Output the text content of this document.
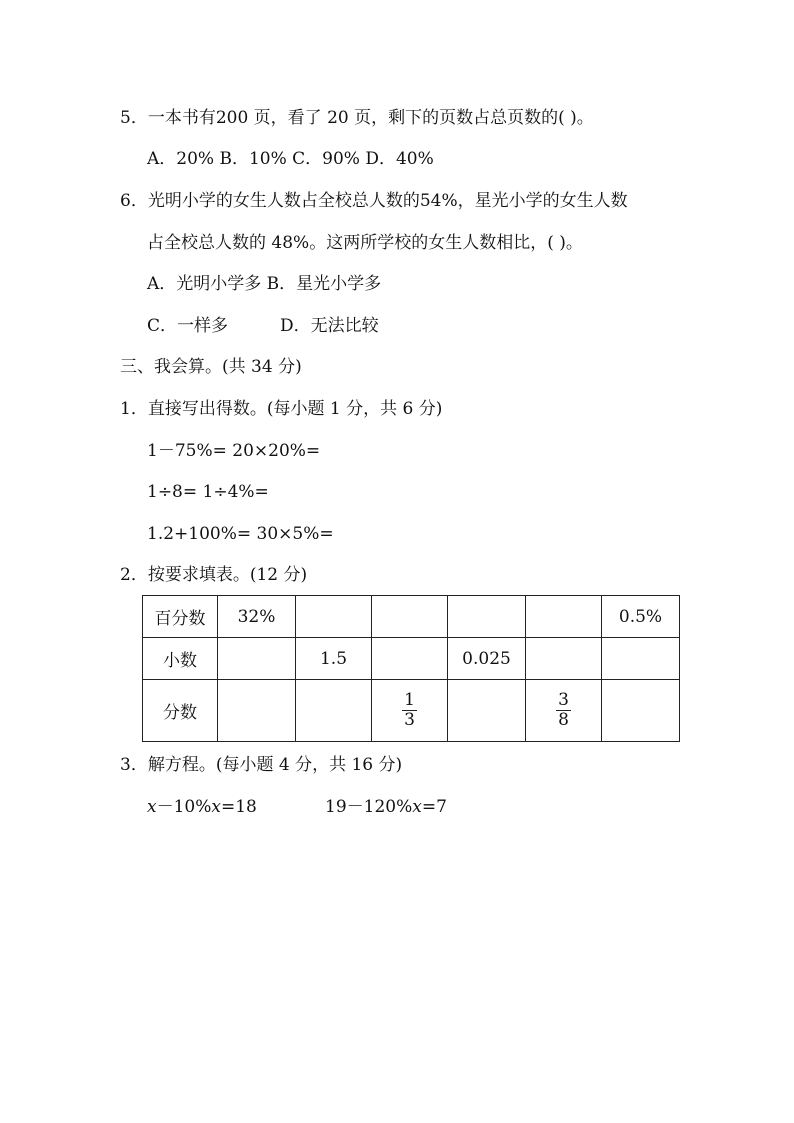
5．一本书有200 页，看了 20 页，剩下的页数占总页数的( )。
A．20% B．10% C．90% D．40%
6．光明小学的女生人数占全校总人数的54%，星光小学的女生人数
占全校总人数的 48%。这两所学校的女生人数相比，( )。
A．光明小学多 B．星光小学多
C．一样多	D．无法比较
三、我会算。(共 34 分)
1．直接写出得数。(每小题 1 分，共 6 分)
1－75%= 20×20%=
1÷8= 1÷4%=
1.2+100%= 30×5%=
2．按要求填表。(12 分)
百分数	32%					0.5%
小数		1.5		0.025		
分数			$\frac{1}{3}$		$\frac{3}{8}$

3．解方程。(每小题 4 分，共 16 分)
x－10%x=18	19－120%x=7
